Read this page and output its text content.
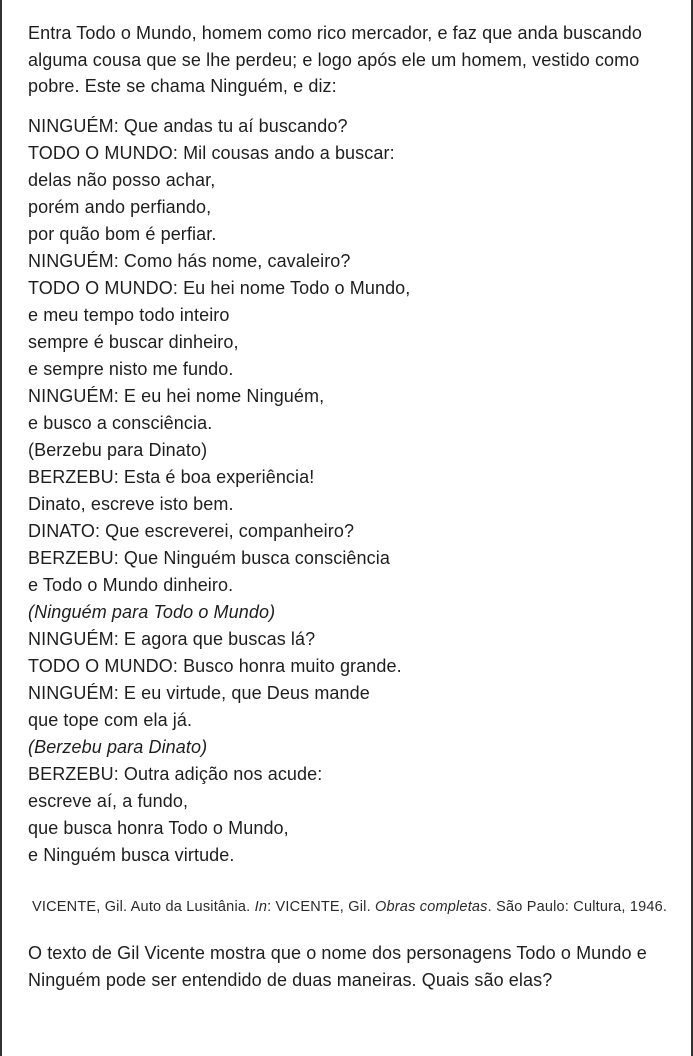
Entra Todo o Mundo, homem como rico mercador, e faz que anda buscando alguma cousa que se lhe perdeu; e logo após ele um homem, vestido como pobre. Este se chama Ninguém, e diz:

NINGUÉM: Que andas tu aí buscando?
TODO O MUNDO: Mil cousas ando a buscar:
delas não posso achar,
porém ando perfiando,
por quão bom é perfiar.
NINGUÉM: Como hás nome, cavaleiro?
TODO O MUNDO: Eu hei nome Todo o Mundo,
e meu tempo todo inteiro
sempre é buscar dinheiro,
e sempre nisto me fundo.
NINGUÉM: E eu hei nome Ninguém,
e busco a consciência.
(Berzebu para Dinato)
BERZEBU: Esta é boa experiência!
Dinato, escreve isto bem.
DINATO: Que escreverei, companheiro?
BERZEBU: Que Ninguém busca consciência
e Todo o Mundo dinheiro.
(Ninguém para Todo o Mundo)
NINGUÉM: E agora que buscas lá?
TODO O MUNDO: Busco honra muito grande.
NINGUÉM: E eu virtude, que Deus mande
que tope com ela já.
(Berzebu para Dinato)
BERZEBU: Outra adição nos acude:
escreve aí, a fundo,
que busca honra Todo o Mundo,
e Ninguém busca virtude.

VICENTE, Gil. Auto da Lusitânia. In: VICENTE, Gil. Obras completas. São Paulo: Cultura, 1946.

O texto de Gil Vicente mostra que o nome dos personagens Todo o Mundo e Ninguém pode ser entendido de duas maneiras. Quais são elas?
